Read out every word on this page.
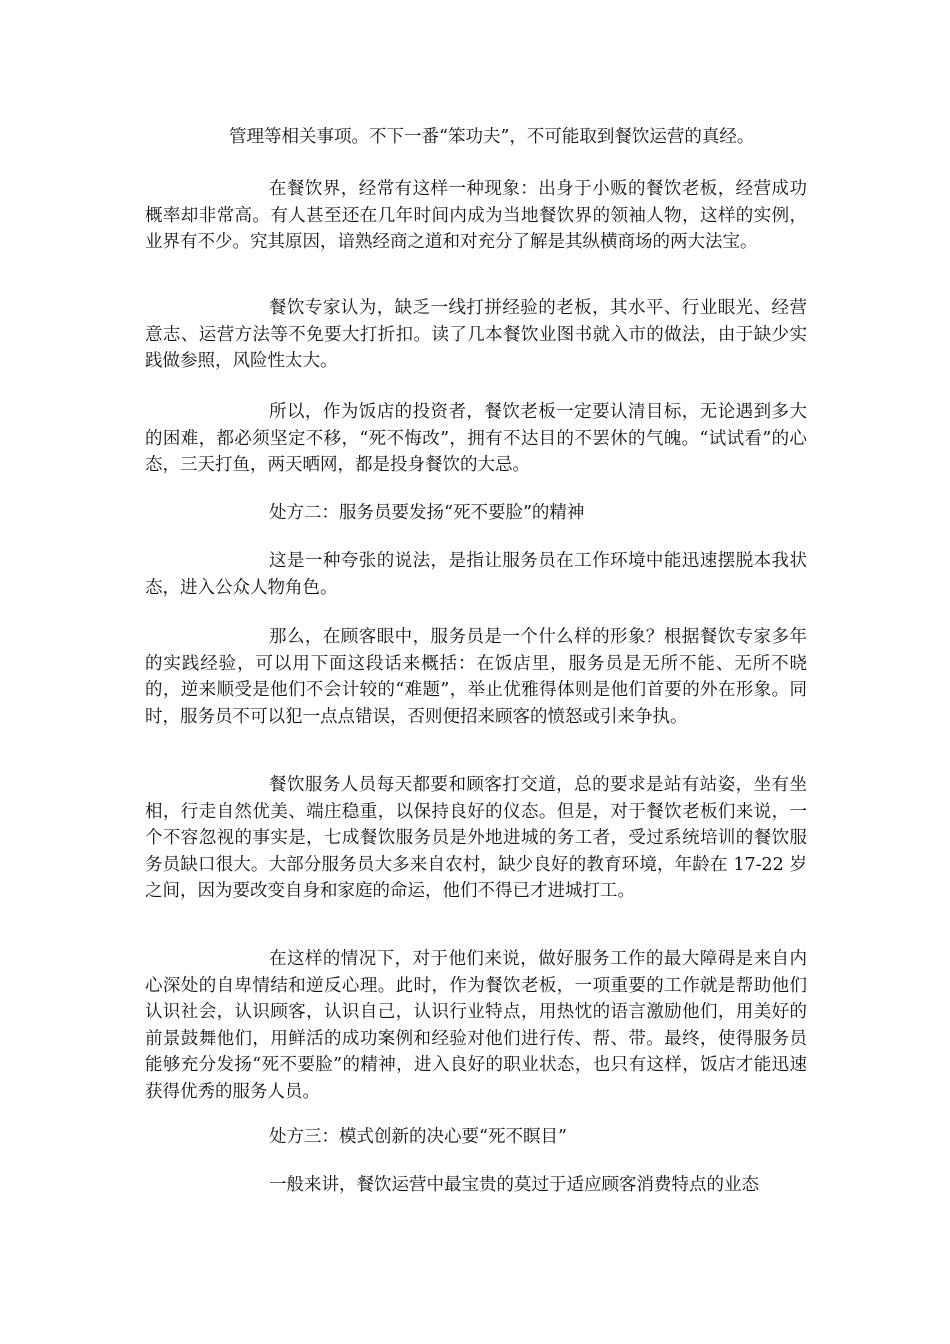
管理等相关事项。不下一番“笨功夫”，不可能取到餐饮运营的真经。

在餐饮界，经常有这样一种现象：出身于小贩的餐饮老板，经营成功概率却非常高。有人甚至还在几年时间内成为当地餐饮界的领袖人物，这样的实例，业界有不少。究其原因，谙熟经商之道和对充分了解是其纵横商场的两大法宝。

餐饮专家认为，缺乏一线打拼经验的老板，其水平、行业眼光、经营意志、运营方法等不免要大打折扣。读了几本餐饮业图书就入市的做法，由于缺少实践做参照，风险性太大。

所以，作为饭店的投资者，餐饮老板一定要认清目标，无论遇到多大的困难，都必须坚定不移，“死不悔改”，拥有不达目的不罢休的气魄。“试试看”的心态，三天打鱼，两天晒网，都是投身餐饮的大忌。

处方二：服务员要发扬“死不要脸”的精神

这是一种夸张的说法，是指让服务员在工作环境中能迅速摆脱本我状态，进入公众人物角色。

那么，在顾客眼中，服务员是一个什么样的形象？根据餐饮专家多年的实践经验，可以用下面这段话来概括：在饭店里，服务员是无所不能、无所不晓的，逆来顺受是他们不会计较的“难题”，举止优雅得体则是他们首要的外在形象。同时，服务员不可以犯一点点错误，否则便招来顾客的愤怒或引来争执。

餐饮服务人员每天都要和顾客打交道，总的要求是站有站姿，坐有坐相，行走自然优美、端庄稳重，以保持良好的仪态。但是，对于餐饮老板们来说，一个不容忽视的事实是，七成餐饮服务员是外地进城的务工者，受过系统培训的餐饮服务员缺口很大。大部分服务员大多来自农村，缺少良好的教育环境，年龄在 17-22 岁之间，因为要改变自身和家庭的命运，他们不得已才进城打工。

在这样的情况下，对于他们来说，做好服务工作的最大障碍是来自内心深处的自卑情结和逆反心理。此时，作为餐饮老板，一项重要的工作就是帮助他们认识社会，认识顾客，认识自己，认识行业特点，用热忱的语言激励他们，用美好的前景鼓舞他们，用鲜活的成功案例和经验对他们进行传、帮、带。最终，使得服务员能够充分发扬“死不要脸”的精神，进入良好的职业状态，也只有这样，饭店才能迅速获得优秀的服务人员。

处方三：模式创新的决心要“死不瞑目”

一般来讲，餐饮运营中最宝贵的莫过于适应顾客消费特点的业态
